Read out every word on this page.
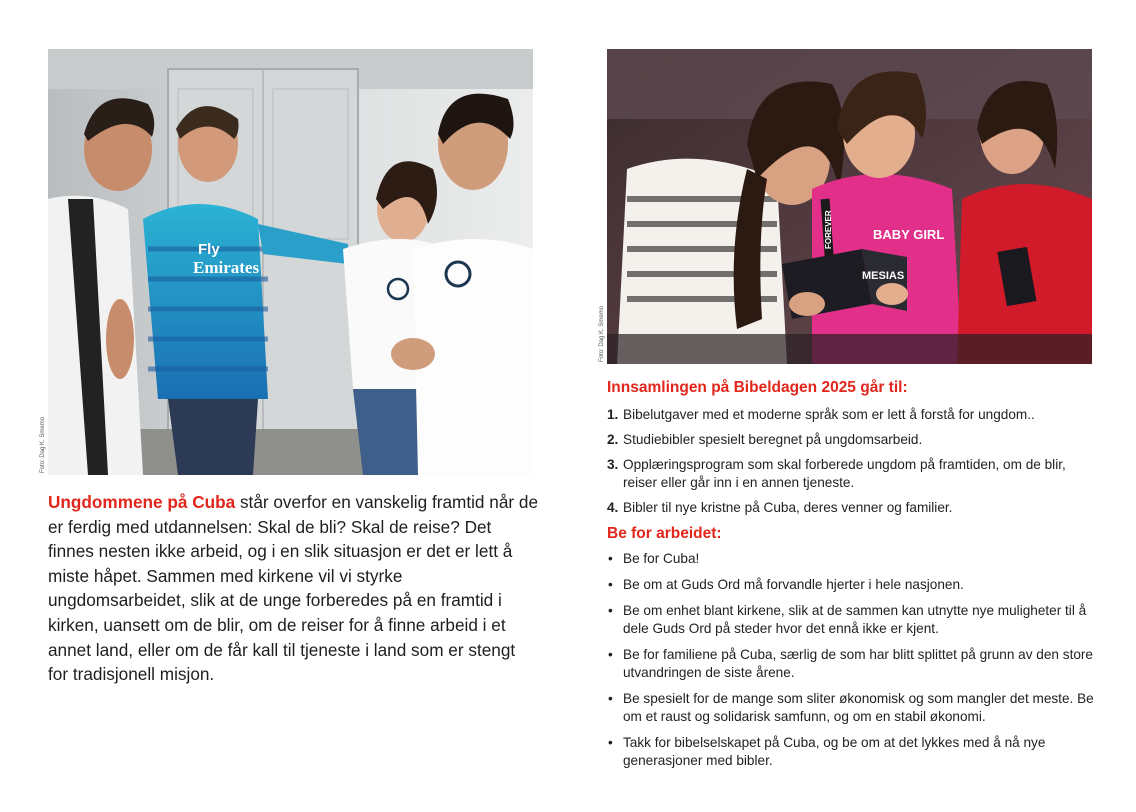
Fly
Emirates
Foto: Dag K. Smemo
BABY GIRL
FOREVER
MESIAS
Foto: Dag K. Smemo

Ungdommene på Cuba står overfor en vanskelig framtid når de er ferdig med utdannelsen: Skal de bli? Skal de reise? Det finnes nesten ikke arbeid, og i en slik situasjon er det er lett å miste håpet. Sammen med kirkene vil vi styrke ungdomsarbeidet, slik at de unge forberedes på en framtid i kirken, uansett om de blir, om de reiser for å finne arbeid i et annet land, eller om de får kall til tjeneste i land som er stengt for tradisjonell misjon.

Innsamlingen på Bibeldagen 2025 går til:
1. Bibelutgaver med et moderne språk som er lett å forstå for ungdom..
2. Studiebibler spesielt beregnet på ungdomsarbeid.
3. Opplæringsprogram som skal forberede ungdom på framtiden, om de blir, reiser eller går inn i en annen tjeneste.
4. Bibler til nye kristne på Cuba, deres venner og familier.
Be for arbeidet:
• Be for Cuba!
• Be om at Guds Ord må forvandle hjerter i hele nasjonen.
• Be om enhet blant kirkene, slik at de sammen kan utnytte nye muligheter til å dele Guds Ord på steder hvor det ennå ikke er kjent.
• Be for familiene på Cuba, særlig de som har blitt splittet på grunn av den store utvandringen de siste årene.
• Be spesielt for de mange som sliter økonomisk og som mangler det meste. Be om et raust og solidarisk samfunn, og om en stabil økonomi.
• Takk for bibelselskapet på Cuba, og be om at det lykkes med å nå nye generasjoner med bibler.
